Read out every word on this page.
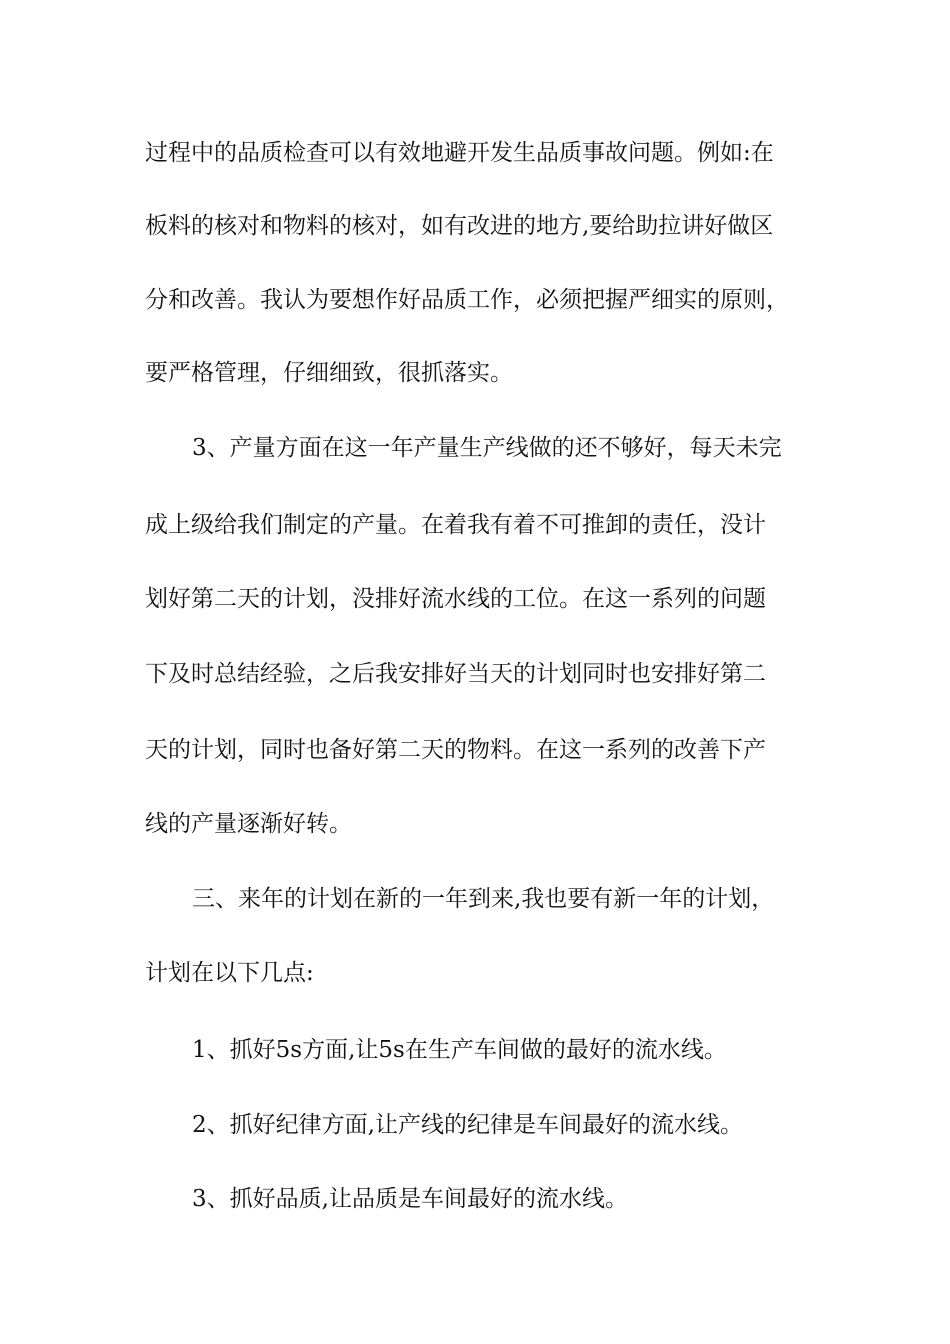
过程中的品质检查可以有效地避开发生品质事故问题。例如:在
板料的核对和物料的核对，如有改进的地方,要给助拉讲好做区
分和改善。我认为要想作好品质工作，必须把握严细实的原则，
要严格管理，仔细细致，很抓落实。
3、产量方面在这一年产量生产线做的还不够好，每天未完
成上级给我们制定的产量。在着我有着不可推卸的责任，没计
划好第二天的计划，没排好流水线的工位。在这一系列的问题
下及时总结经验，之后我安排好当天的计划同时也安排好第二
天的计划，同时也备好第二天的物料。在这一系列的改善下产
线的产量逐渐好转。
三、来年的计划在新的一年到来,我也要有新一年的计划，
计划在以下几点:
1、抓好5s方面,让5s在生产车间做的最好的流水线。
2、抓好纪律方面,让产线的纪律是车间最好的流水线。
3、抓好品质,让品质是车间最好的流水线。
